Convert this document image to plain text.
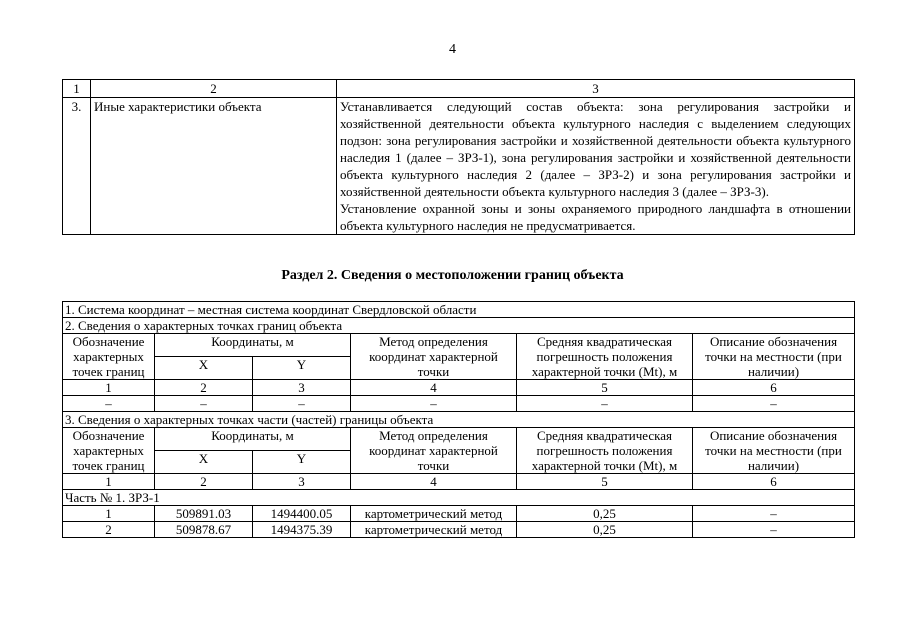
4
1	2	3
3.	Иные характеристики объекта	Устанавливается следующий состав объекта: зона регулирования застройки и хозяйственной деятельности объекта культурного наследия с выделением следующих подзон: зона регулирования застройки и хозяйственной деятельности объекта культурного наследия 1 (далее – ЗРЗ-1), зона регулирования застройки и хозяйственной деятельности объекта культурного наследия 2 (далее – ЗРЗ-2) и зона регулирования застройки и хозяйственной деятельности объекта культурного наследия 3 (далее – ЗРЗ-3).
Установление охранной зоны и зоны охраняемого природного ландшафта в отношении объекта культурного наследия не предусматривается.
Раздел 2. Сведения о местоположении границ объекта
1. Система координат – местная система координат Свердловской области					
2. Сведения о характерных точках границ объекта					
Обозначение характерных точек границ	Координаты, м		Метод определения координат характерной точки	Средняя квадратическая погрешность положения характерной точки (Mt), м	Описание обозначения точки на местности (при наличии)
	X	Y			
1	2	3	4	5	6
–	–	–	–	–	–
3. Сведения о характерных точках части (частей) границы объекта					
Обозначение характерных точек границ	Координаты, м		Метод определения координат характерной точки	Средняя квадратическая погрешность положения характерной точки (Mt), м	Описание обозначения точки на местности (при наличии)
	X	Y			
1	2	3	4	5	6
Часть № 1. ЗРЗ-1					
1	509891.03	1494400.05	картометрический метод	0,25	–
2	509878.67	1494375.39	картометрический метод	0,25	–
